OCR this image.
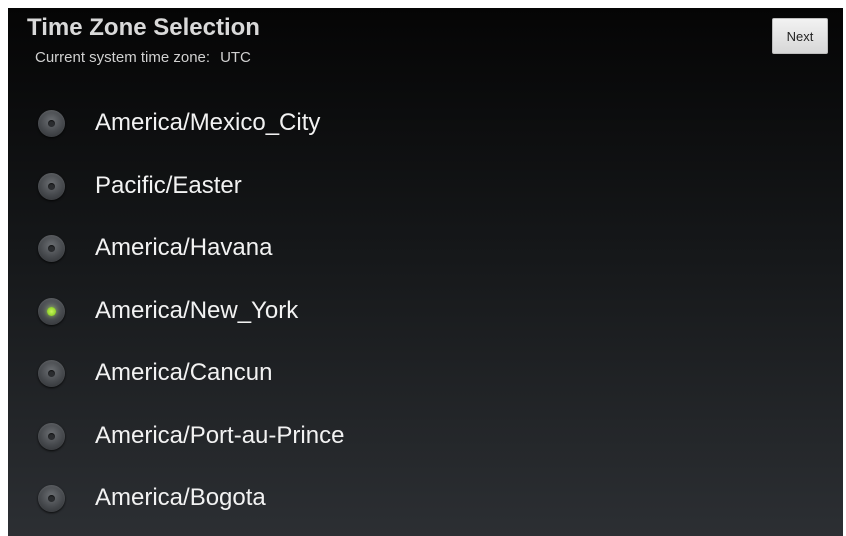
Time Zone Selection
Current system time zone: UTC
Next
America/Mexico_City
Pacific/Easter
America/Havana
America/New_York
America/Cancun
America/Port-au-Prince
America/Bogota
